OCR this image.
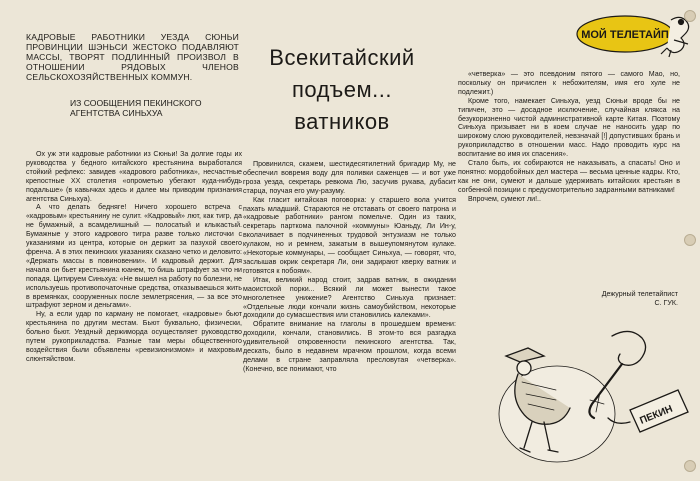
КАДРОВЫЕ РАБОТНИКИ УЕЗДА СЮНЬИ ПРОВИНЦИИ ШЭНЬСИ ЖЕСТОКО ПОДАВЛЯЮТ МАССЫ, ТВОРЯТ ПОДЛИННЫЙ ПРОИЗВОЛ В ОТНОШЕНИИ РЯДОВЫХ ЧЛЕНОВ СЕЛЬСКОХОЗЯЙСТВЕННЫХ КОММУН.
ИЗ СООБЩЕНИЯ ПЕКИНСКОГО АГЕНТСТВА СИНЬХУА
Всекитайский подъем... ватников

Ох уж эти кадровые работники из Сюньи! За долгие годы их руководства у бедного китайского крестьянина выработался стойкий рефлекс: завидев «кадрового работника», несчастные крепостные XX столетия «опрометью убегают куда-нибудь подальше» (в кавычках здесь и далее мы приводим признания агентства Синьхуа).

А что делать беднягe! Ничего хорошего встреча с «кадровым» крестьянину не сулит. «Кадровый» лют, как тигр, да не бумажный, а всамделишный — полосатый и клыкастый. Бумажные у этого кадрового тигра разве только листочки с указаниями из центра, которые он держит за пазухой своего френча. А в этих пекинских указаниях сказано четко и деловито: «Держать массы в повиновении». И кадровый держит. Для начала он бьет крестьянина юанем, то бишь штрафует за что ни попадя. Цитируем Синьхуа: «Не вышел на работу по болезни, не используешь противопочаточные средства, отказываешься жить в времянках, сооруженных после землетрясения, — за все это штрафуют зерном и деньгами».

Ну, а если удар по карману не помогает, «кадровые» бьют крестьянина по другим местам. Бьют буквально, физически, больно бьют. Уездный держиморда осуществляет руководство путем рукоприкладства. Разные там меры общественного воздействия были объявлены «ревизионизмом» и махровым слюнтяйством.

Провинился, скажем, шестидесятилетний бригадир Му, не обеспечил вовремя воду для поливки саженцев — и вот уже гроза уезда, секретарь ревкома Лю, засучив рукава, дубасит старца, поучая его уму-разуму.

Как гласит китайская поговорка: у старшего вола учится пахать младший. Стараются не отставать от своего патрона и «кадровые работники» рангом помельче. Один из таких, секретарь парткома палочной «коммуны» Юаньду, Ли Ин-у, вколачивает в подчиненных трудовой энтузиазм не только кулаком, но и ремнем, зажатым в вышеупомянутом кулаке. «Некоторые коммунары, — сообщает Синьхуа, — говорят, что, заслышав окрик секретаря Ли, они задирают кверху ватник и готовятся к побоям».

Итак, великий народ стоит, задрав ватник, в ожидании маоистской порки... Всякий ли может вынести такое многолетнее унижение? Агентство Синьхуа признает: «Отдельные люди кончали жизнь самоубийством, некоторые доходили до сумасшествия или становились калеками».

Обратите внимание на глаголы в прошедшем времени: доходили, кончали, становились. В этом-то вся разгадка удивительной откровенности пекинского агентства. Так, дескать, было в недавнем мрачном прошлом, когда всеми делами в стране заправляла пресловутая «четверка». (Конечно, все понимают, что

«четверка» — это псевдоним пятого — самого Мао, но, поскольку он причислен к небожителям, имя его хуле не подлежит.)

Кроме того, намекает Синьхуа, уезд Сюньи вроде бы не типичен, это — досадное исключение, случайная клякса на безукоризненно чистой административной карте Китая. Поэтому Синьхуа призывает ни в коем случае не наносить удар по широкому слою руководителей, невзначай [!] допустивших брань и рукоприкладство в отношении масс. Надо проводить курс на воспитание во имя их спасения».

Стало быть, их собираются не наказывать, а спасать! Оно и понятно: мордобойных дел мастера — весьма ценные кадры. Кто, как не они, сумеют и дальше удерживать китайских крестьян в согбенной позиции с предусмотрительно задранными ватниками!

Впрочем, сумеют ли!..

Дежурный телетайпист
С. ГУК.
МОЙ ТЕЛЕТАЙП
ПЕКИН
